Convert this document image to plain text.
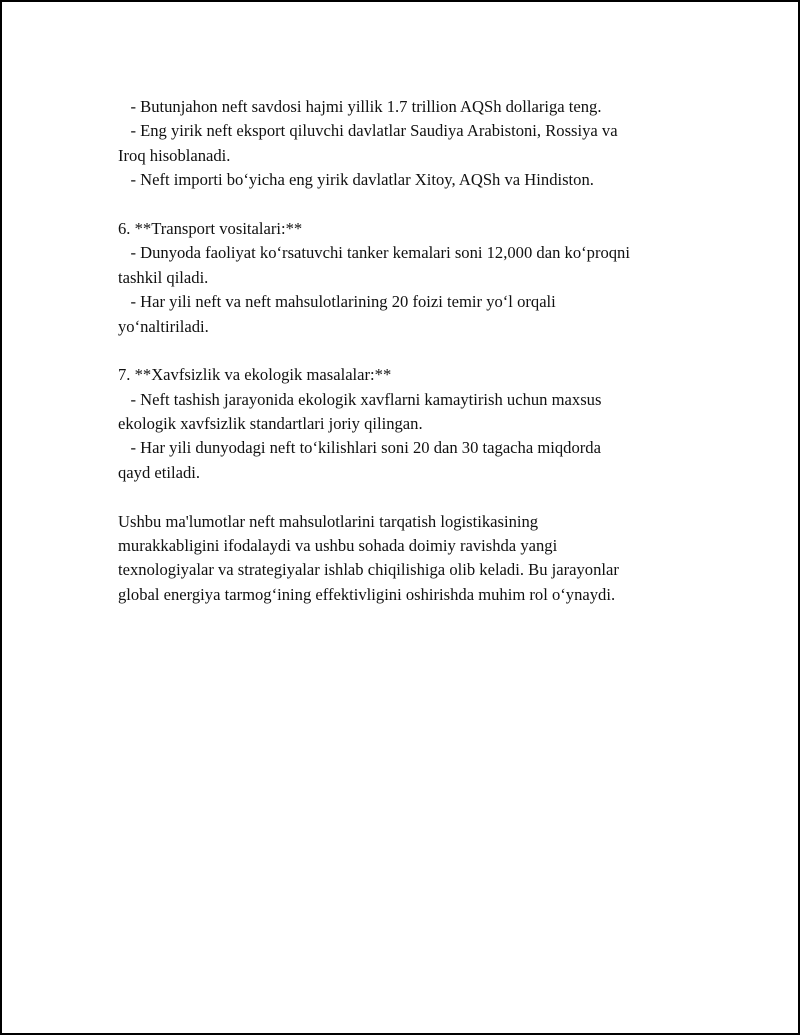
- Butunjahon neft savdosi hajmi yillik 1.7 trillion AQSh dollariga teng.
- Eng yirik neft eksport qiluvchi davlatlar Saudiya Arabistoni, Rossiya va
Iroq hisoblanadi.
- Neft importi bo‘yicha eng yirik davlatlar Xitoy, AQSh va Hindiston.
6. **Transport vositalari:**
- Dunyoda faoliyat ko‘rsatuvchi tanker kemalari soni 12,000 dan ko‘proqni
tashkil qiladi.
- Har yili neft va neft mahsulotlarining 20 foizi temir yo‘l orqali
yo‘naltiriladi.
7. **Xavfsizlik va ekologik masalalar:**
- Neft tashish jarayonida ekologik xavflarni kamaytirish uchun maxsus
ekologik xavfsizlik standartlari joriy qilingan.
- Har yili dunyodagi neft to‘kilishlari soni 20 dan 30 tagacha miqdorda
qayd etiladi.
Ushbu ma'lumotlar neft mahsulotlarini tarqatish logistikasining
murakkabligini ifodalaydi va ushbu sohada doimiy ravishda yangi
texnologiyalar va strategiyalar ishlab chiqilishiga olib keladi. Bu jarayonlar
global energiya tarmog‘ining effektivligini oshirishda muhim rol o‘ynaydi.
